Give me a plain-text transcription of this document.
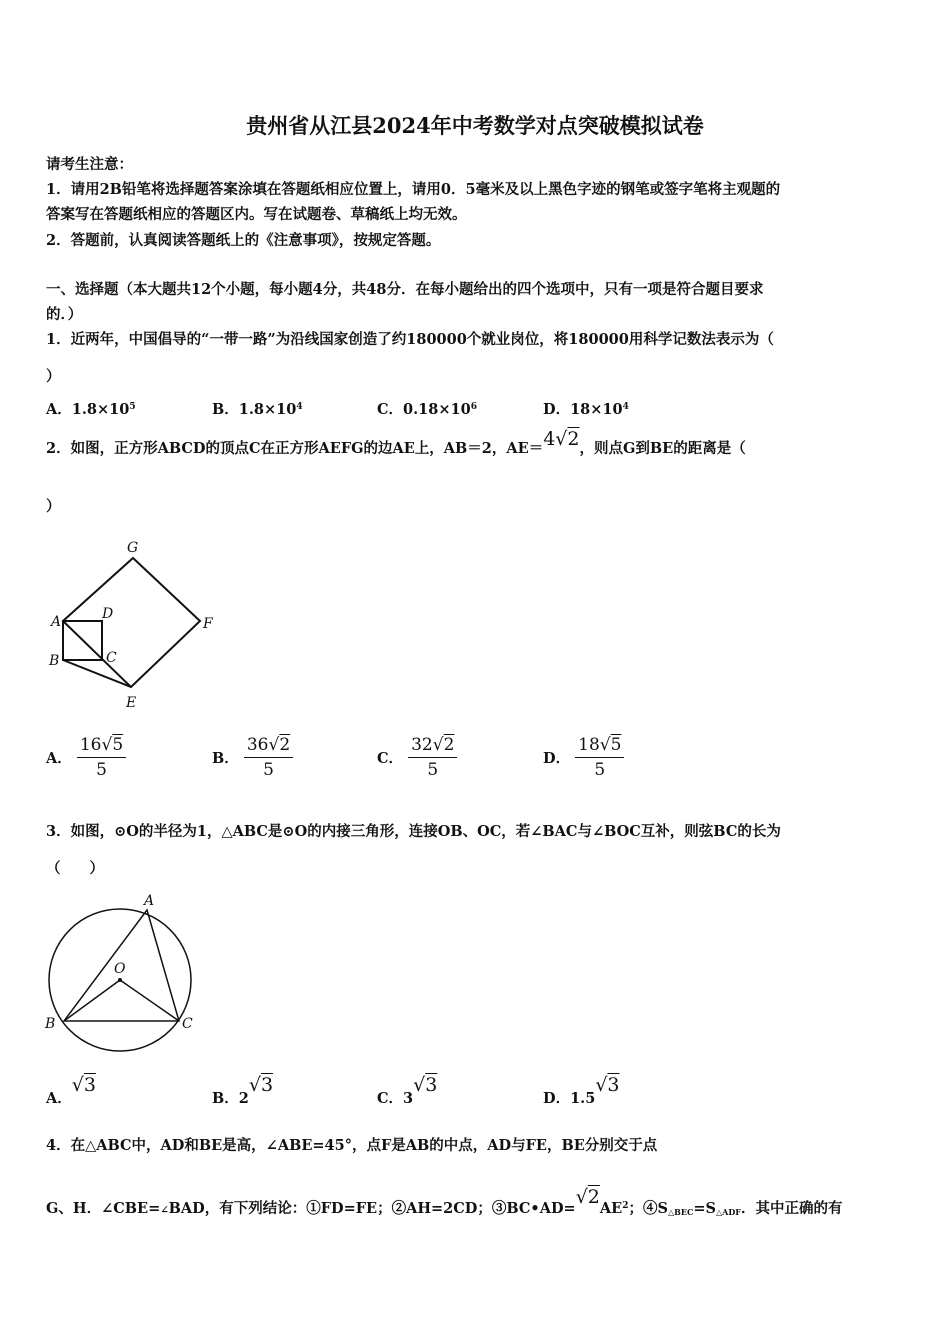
贵州省从江县2024年中考数学对点突破模拟试卷
请考生注意：
1．请用2B铅笔将选择题答案涂填在答题纸相应位置上，请用0．5毫米及以上黑色字迹的钢笔或签字笔将主观题的
答案写在答题纸相应的答题区内。写在试题卷、草稿纸上均无效。
2．答题前，认真阅读答题纸上的《注意事项》，按规定答题。
一、选择题（本大题共12个小题，每小题4分，共48分．在每小题给出的四个选项中，只有一项是符合题目要求
的．）
1．近两年，中国倡导的“一带一路”为沿线国家创造了约180000个就业岗位，将180000用科学记数法表示为（
）
A．$1.8\times 10^5$	B．$1.8\times 10^4$	C．$0.18\times 10^6$	D．$18\times 10^4$
2．如图，正方形ABCD的顶点C在正方形AEFG的边AE上，AB＝2，AE＝4√2，则点G到BE的距离是（
）
G
A	D
F
B	C
E
A． $\frac{16√5}{5}$	B． $\frac{36√2}{5}$	C． $\frac{32√2}{5}$	D． $\frac{18√5}{5}$
3．如图，⊙O的半径为1，△ABC是⊙O的内接三角形，连接OB、OC，若∠BAC与∠BOC互补，则弦BC的长为
（　　）
A
O
B	C
A．√3
B．2√3
C．3√3
D．1.5√3
4．在△ABC中，AD和BE是高，∠ABE=45°，点F是AB的中点，AD与FE，BE分别交于点
G、H．∠CBE=∠BAD，有下列结论：①FD=FE；②AH=2CD；$③BC•AD=√2AE^2$；$④S_{\triangle BEC}=S_{\triangle ADF}$．其中正确的有
